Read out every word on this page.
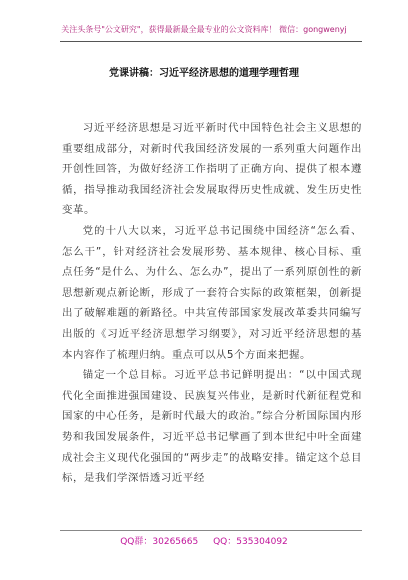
关注头条号"公文研究"，获得最新最全最专业的公文资料库！ 微信：gongwenyj
党课讲稿：习近平经济思想的道理学理哲理

习近平经济思想是习近平新时代中国特色社会主义思想的重要组成部分，对新时代我国经济发展的一系列重大问题作出开创性回答，为做好经济工作指明了正确方向、提供了根本遵循，指导推动我国经济社会发展取得历史性成就、发生历史性变革。

党的十八大以来，习近平总书记围绕中国经济“怎么看、怎么干”，针对经济社会发展形势、基本规律、核心目标、重点任务“是什么、为什么、怎么办”，提出了一系列原创性的新思想新观点新论断，形成了一套符合实际的政策框架，创新提出了破解难题的新路径。中共宣传部国家发展改革委共同编写出版的《习近平经济思想学习纲要》，对习近平经济思想的基本内容作了梳理归纳。重点可以从5个方面来把握。

锚定一个总目标。习近平总书记鲜明提出：“以中国式现代化全面推进强国建设、民族复兴伟业，是新时代新征程党和国家的中心任务，是新时代最大的政治。”综合分析国际国内形势和我国发展条件，习近平总书记擘画了到本世纪中叶全面建成社会主义现代化强国的“两步走”的战略安排。锚定这个总目标，是我们学深悟透习近平经

QQ群：30265665 QQ：535304092
